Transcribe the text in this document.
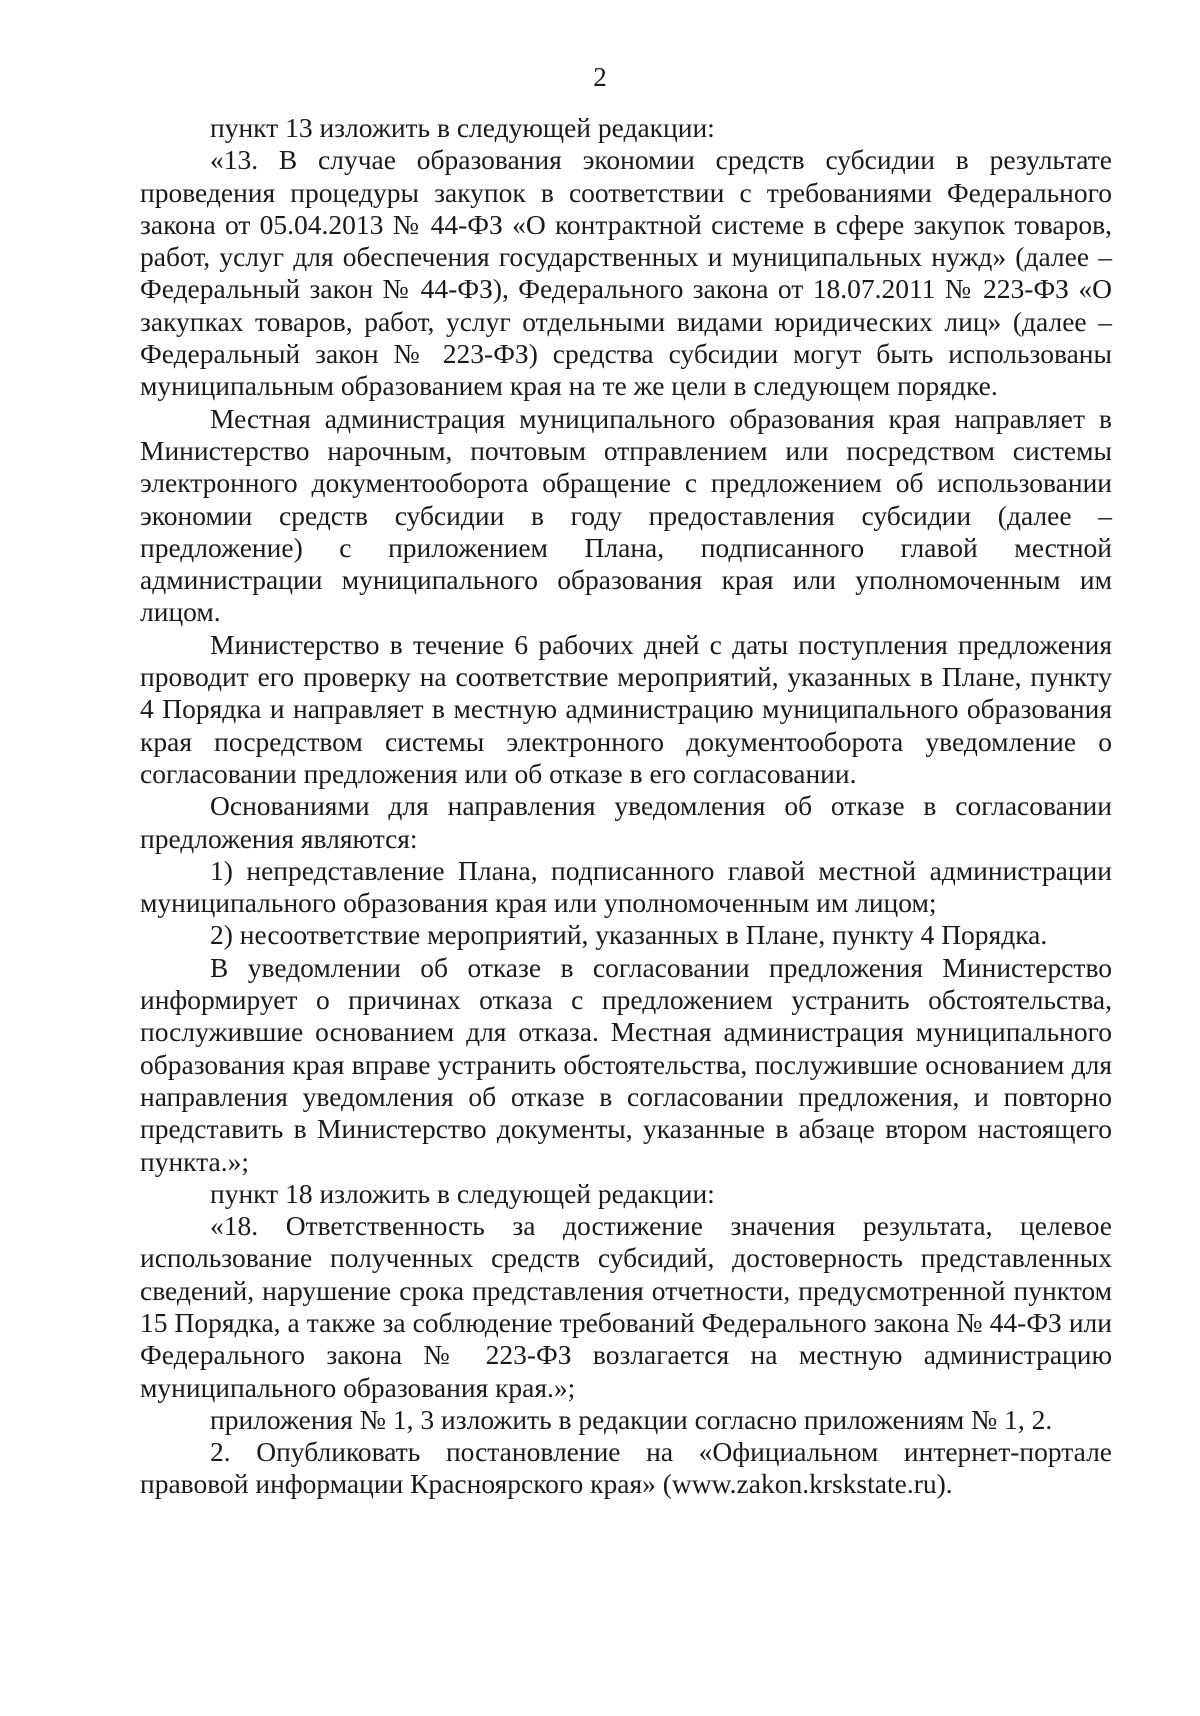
2

пункт 13 изложить в следующей редакции:

«13. В случае образования экономии средств субсидии в результате проведения процедуры закупок в соответствии с требованиями Федерального закона от 05.04.2013 № 44-ФЗ «О контрактной системе в сфере закупок товаров, работ, услуг для обеспечения государственных и муниципальных нужд» (далее – Федеральный закон № 44-ФЗ), Федерального закона от 18.07.2011 № 223-ФЗ «О закупках товаров, работ, услуг отдельными видами юридических лиц» (далее – Федеральный закон № 223-ФЗ) средства субсидии могут быть использованы муниципальным образованием края на те же цели в следующем порядке.

Местная администрация муниципального образования края направляет в Министерство нарочным, почтовым отправлением или посредством системы электронного документооборота обращение с предложением об использовании экономии средств субсидии в году предоставления субсидии (далее – предложение) с приложением Плана, подписанного главой местной администрации муниципального образования края или уполномоченным им лицом.

Министерство в течение 6 рабочих дней с даты поступления предложения проводит его проверку на соответствие мероприятий, указанных в Плане, пункту 4 Порядка и направляет в местную администрацию муниципального образования края посредством системы электронного документооборота уведомление о согласовании предложения или об отказе в его согласовании.

Основаниями для направления уведомления об отказе в согласовании предложения являются:

1) непредставление Плана, подписанного главой местной администрации муниципального образования края или уполномоченным им лицом;

2) несоответствие мероприятий, указанных в Плане, пункту 4 Порядка.

В уведомлении об отказе в согласовании предложения Министерство информирует о причинах отказа с предложением устранить обстоятельства, послужившие основанием для отказа. Местная администрация муниципального образования края вправе устранить обстоятельства, послужившие основанием для направления уведомления об отказе в согласовании предложения, и повторно представить в Министерство документы, указанные в абзаце втором настоящего пункта.»;

пункт 18 изложить в следующей редакции:

«18. Ответственность за достижение значения результата, целевое использование полученных средств субсидий, достоверность представленных сведений, нарушение срока представления отчетности, предусмотренной пунктом 15 Порядка, а также за соблюдение требований Федерального закона № 44-ФЗ или Федерального закона № 223-ФЗ возлагается на местную администрацию муниципального образования края.»;

приложения № 1, 3 изложить в редакции согласно приложениям № 1, 2.

2. Опубликовать постановление на «Официальном интернет-портале правовой информации Красноярского края» (www.zakon.krskstate.ru).
